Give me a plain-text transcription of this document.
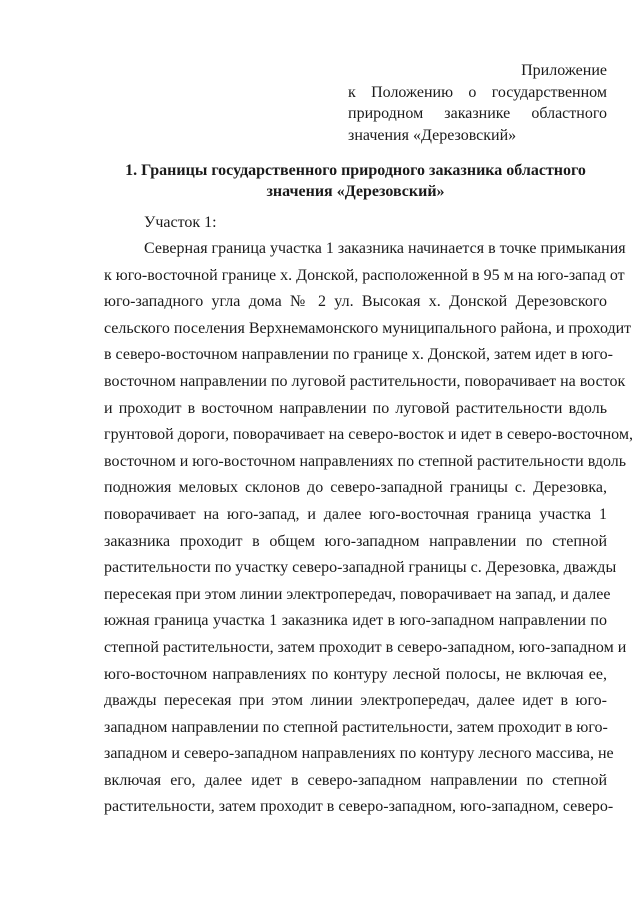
Приложение
к Положению о государственном
природном заказнике областного
значения «Дерезовский»
1. Границы государственного природного заказника областного
значения «Дерезовский»
Участок 1:
Северная граница участка 1 заказника начинается в точке примыкания
к юго-восточной границе х. Донской, расположенной в 95 м на юго-запад от
юго-западного угла дома № 2 ул. Высокая х. Донской Дерезовского
сельского поселения Верхнемамонского муниципального района, и проходит
в северо-восточном направлении по границе х. Донской, затем идет в юго-
восточном направлении по луговой растительности, поворачивает на восток
и проходит в восточном направлении по луговой растительности вдоль
грунтовой дороги, поворачивает на северо-восток и идет в северо-восточном,
восточном и юго-восточном направлениях по степной растительности вдоль
подножия меловых склонов до северо-западной границы с. Дерезовка,
поворачивает на юго-запад, и далее юго-восточная граница участка 1
заказника проходит в общем юго-западном направлении по степной
растительности по участку северо-западной границы с. Дерезовка, дважды
пересекая при этом линии электропередач, поворачивает на запад, и далее
южная граница участка 1 заказника идет в юго-западном направлении по
степной растительности, затем проходит в северо-западном, юго-западном и
юго-восточном направлениях по контуру лесной полосы, не включая ее,
дважды пересекая при этом линии электропередач, далее идет в юго-
западном направлении по степной растительности, затем проходит в юго-
западном и северо-западном направлениях по контуру лесного массива, не
включая его, далее идет в северо-западном направлении по степной
растительности, затем проходит в северо-западном, юго-западном, северо-
